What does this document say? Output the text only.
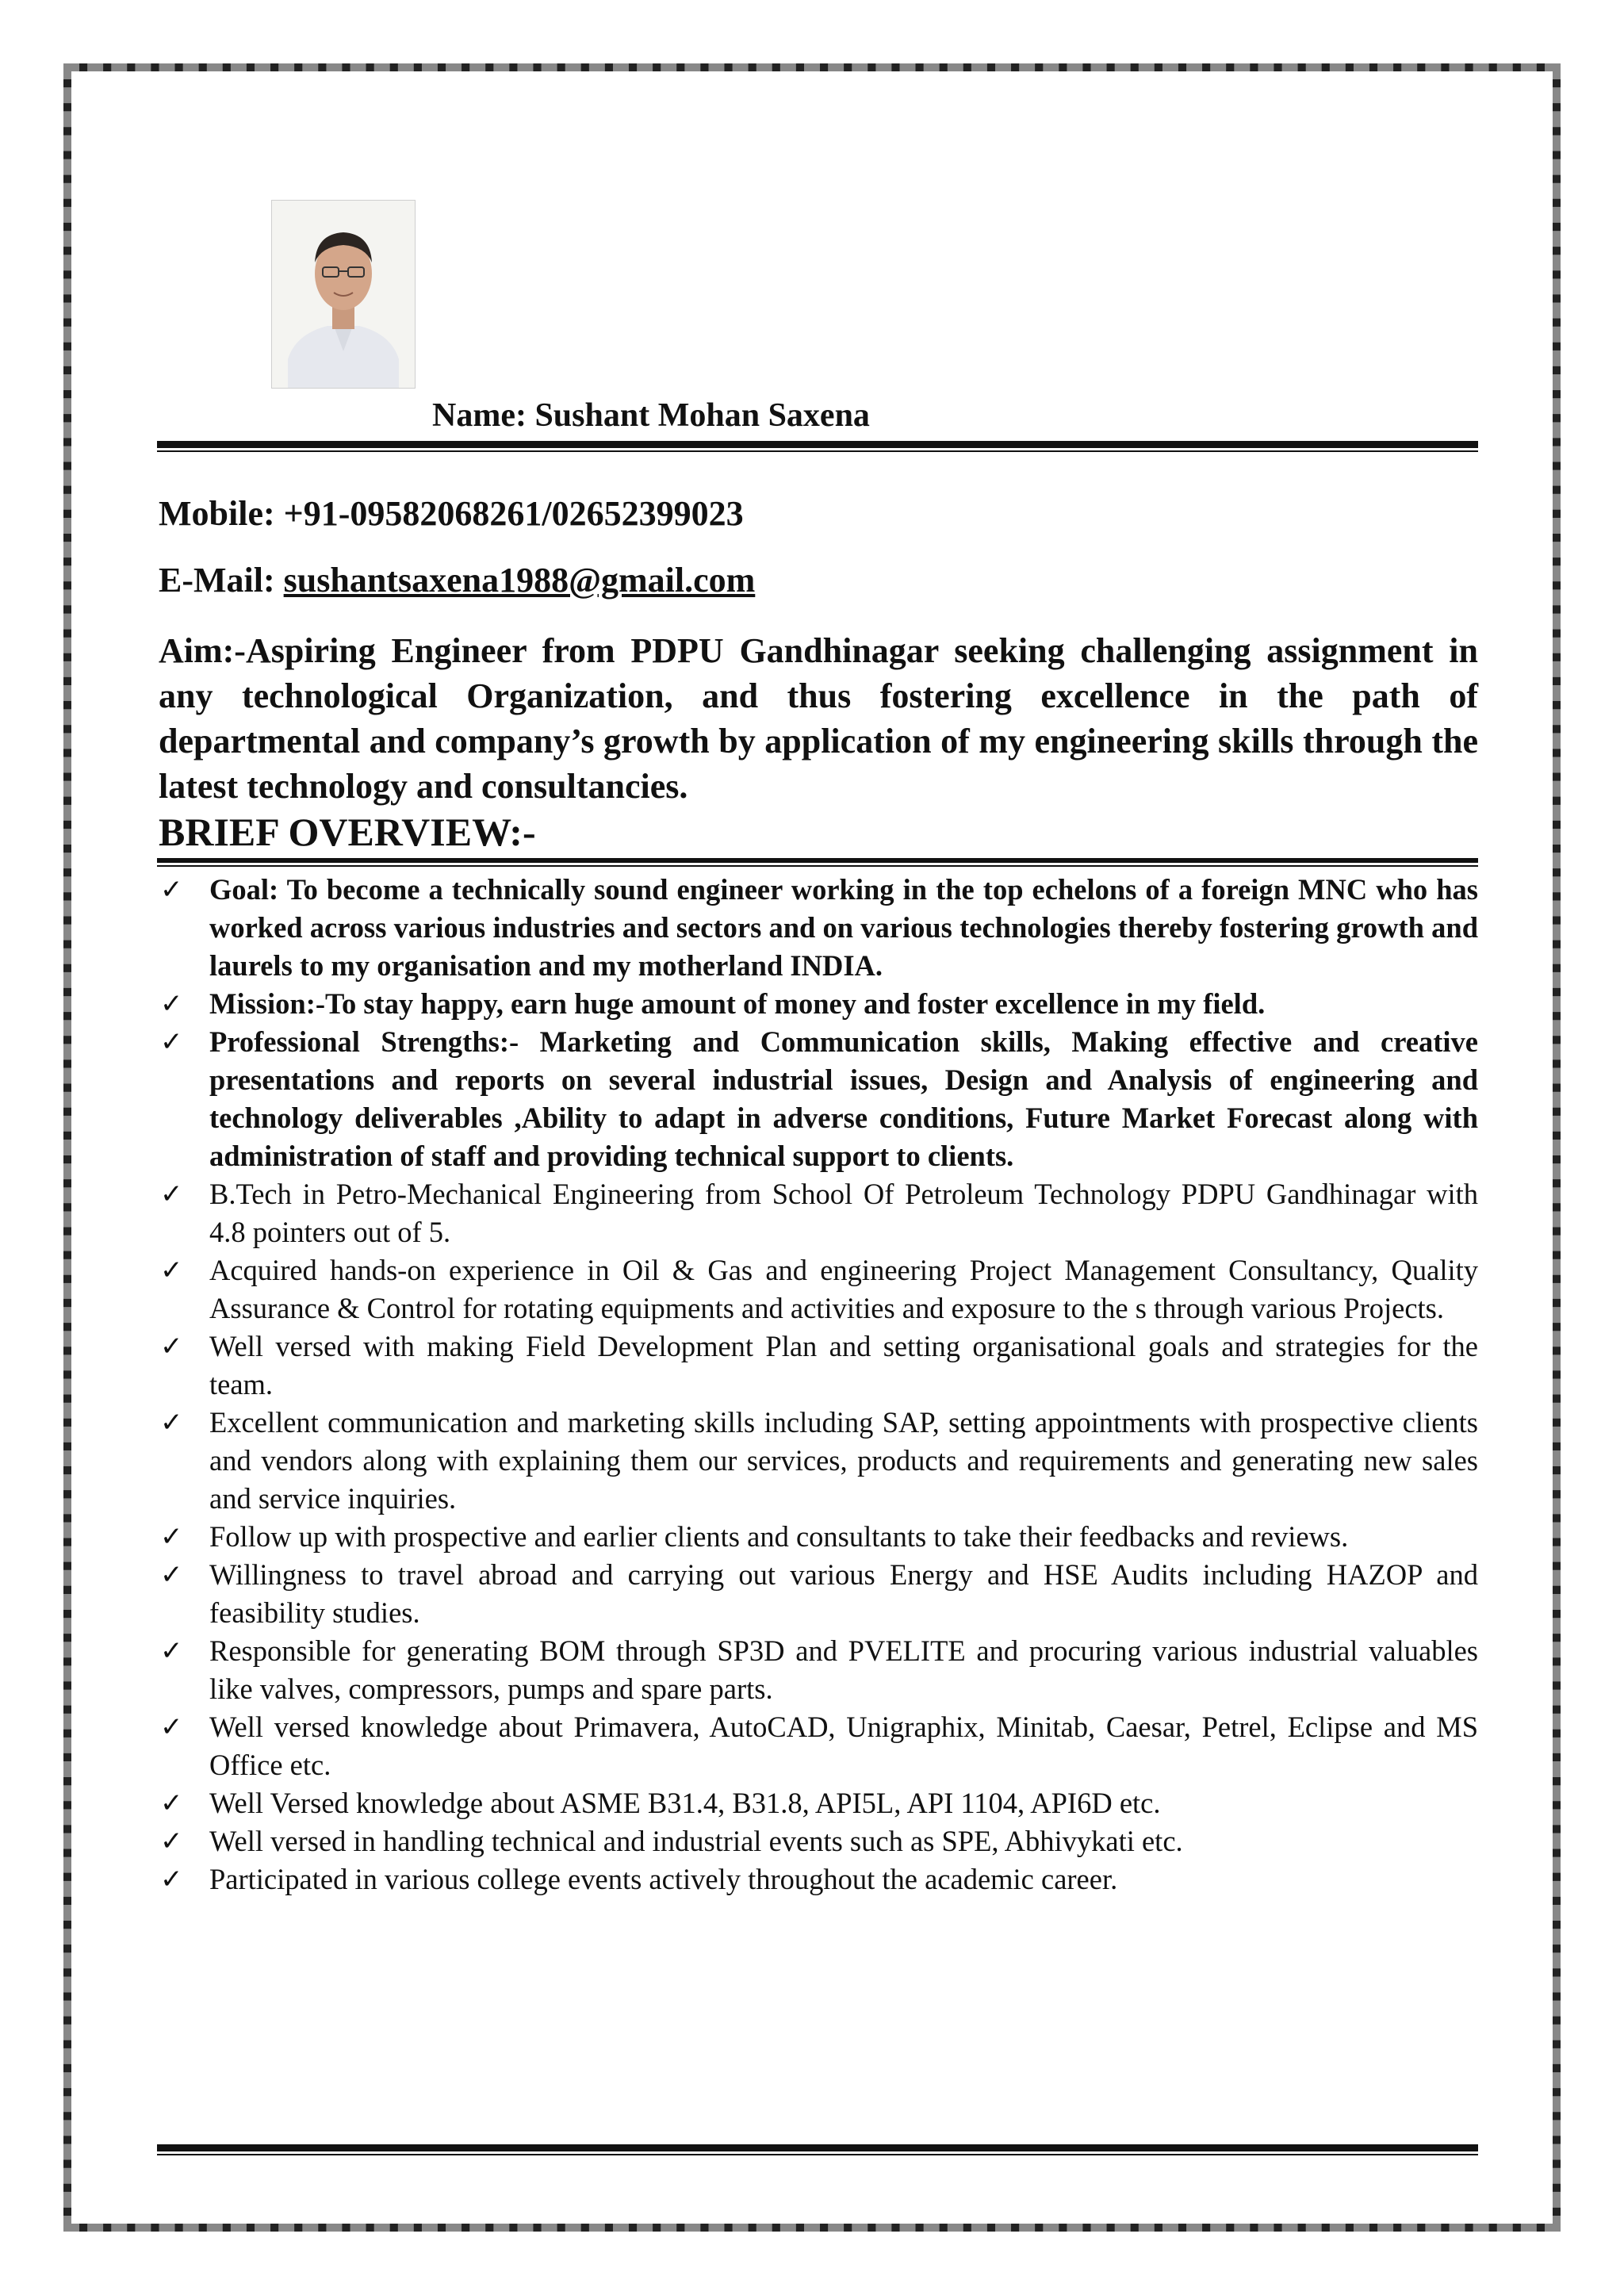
Name: Sushant Mohan Saxena
Mobile: +91-09582068261/02652399023
E-Mail: sushantsaxena1988@gmail.com
Aim:-Aspiring Engineer from PDPU Gandhinagar seeking challenging assignment in any technological Organization, and thus fostering excellence in the path of departmental and company’s growth by application of my engineering skills through the latest technology and consultancies.
BRIEF OVERVIEW:-
✓ Goal: To become a technically sound engineer working in the top echelons of a foreign MNC who has worked across various industries and sectors and on various technologies thereby fostering growth and laurels to my organisation and my motherland INDIA.
✓ Mission:-To stay happy, earn huge amount of money and foster excellence in my field.
✓ Professional Strengths:- Marketing and Communication skills, Making effective and creative presentations and reports on several industrial issues, Design and Analysis of engineering and technology deliverables ,Ability to adapt in adverse conditions, Future Market Forecast along with administration of staff and providing technical support to clients.
✓ B.Tech in Petro-Mechanical Engineering from School Of Petroleum Technology PDPU Gandhinagar with 4.8 pointers out of 5.
✓ Acquired hands-on experience in Oil & Gas and engineering Project Management Consultancy, Quality Assurance & Control for rotating equipments and activities and exposure to the s through various Projects.
✓ Well versed with making Field Development Plan and setting organisational goals and strategies for the team.
✓ Excellent communication and marketing skills including SAP, setting appointments with prospective clients and vendors along with explaining them our services, products and requirements and generating new sales and service inquiries.
✓ Follow up with prospective and earlier clients and consultants to take their feedbacks and reviews.
✓ Willingness to travel abroad and carrying out various Energy and HSE Audits including HAZOP and feasibility studies.
✓ Responsible for generating BOM through SP3D and PVELITE and procuring various industrial valuables like valves, compressors, pumps and spare parts.
✓ Well versed knowledge about Primavera, AutoCAD, Unigraphix, Minitab, Caesar, Petrel, Eclipse and MS Office etc.
✓ Well Versed knowledge about ASME B31.4, B31.8, API5L, API 1104, API6D etc.
✓ Well versed in handling technical and industrial events such as SPE, Abhivykati etc.
✓ Participated in various college events actively throughout the academic career.
